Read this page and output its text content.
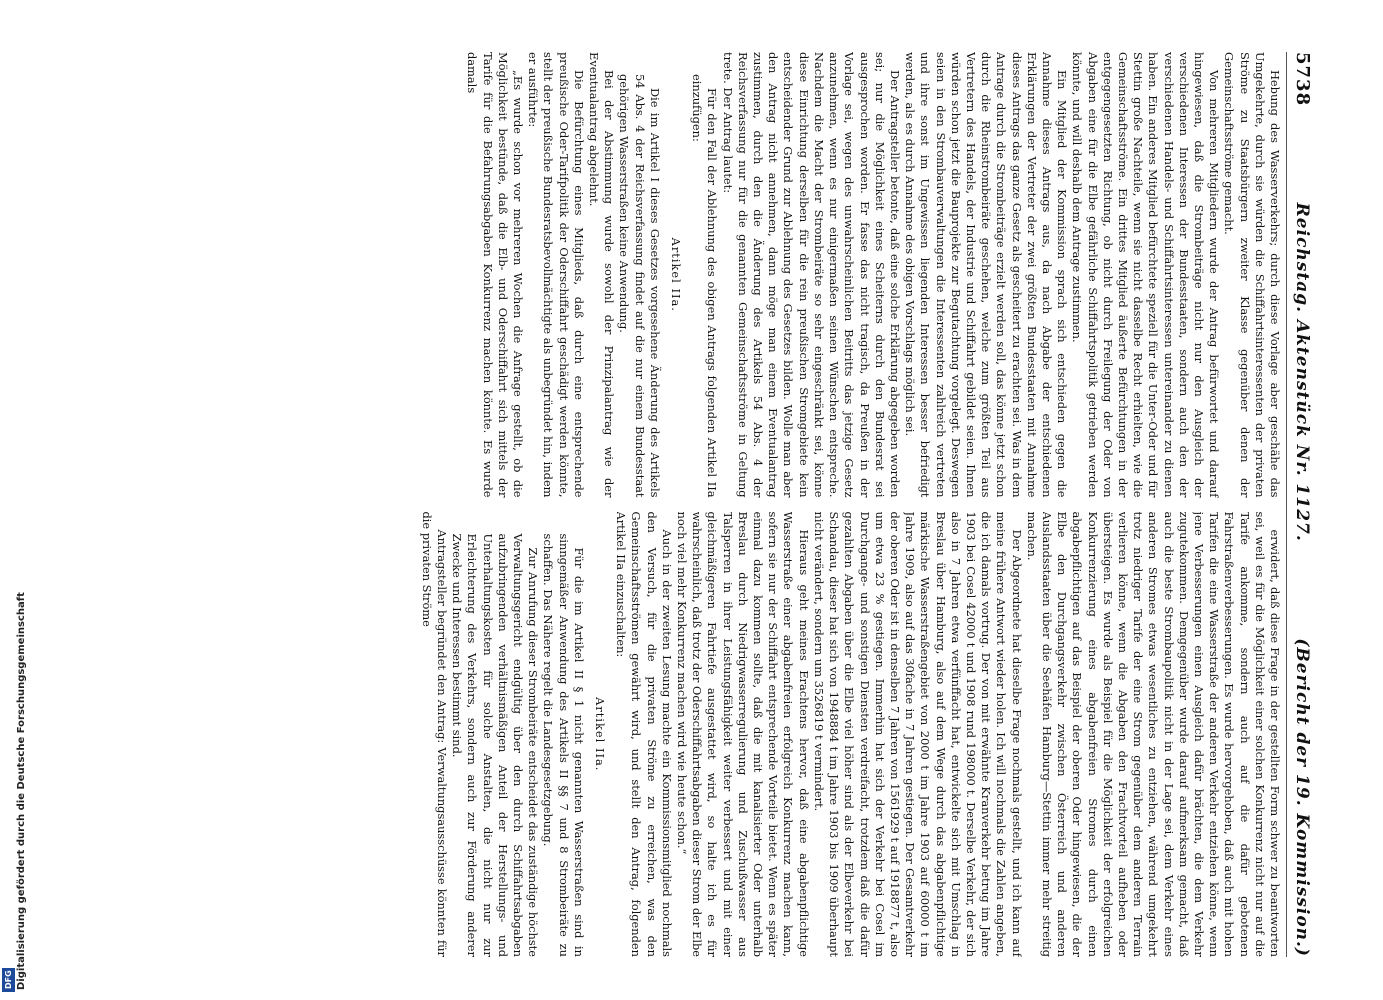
Digitalisierung gefördert durch die Deutsche Forschungsgemeinschaft
DFG
5738
Reichstag. Aktenstück Nr. 1127.
(Bericht der 19. Kommission.)

Hebung des Wasserverkehrs; durch diese Vorlage aber geschähe das Umgekehrte, durch sie würden die Schiffahrtsinteressenten der privaten Ströme zu Staatsbürgern zweiter Klasse gegenüber denen der Gemeinschaftsströme gemacht.

Von mehreren Mitgliedern wurde der Antrag befürwortet und darauf hingewiesen, daß die Strombeiträge nicht nur den Ausgleich der verschiedenen Interessen der Bundesstaaten, sondern auch den der verschiedenen Handels- und Schiffahrtsinteressen untereinander zu dienen haben. Ein anderes Mitglied befürchtete speziell für die Unter-Oder und für Stettin große Nachteile, wenn sie nicht dasselbe Recht erhielten, wie die Gemeinschaftsströme. Ein drittes Mitglied äußerte Befürchtungen in der entgegengesetzten Richtung, ob nicht durch Freilegung der Oder von Abgaben eine für die Elbe gefährliche Schiffahrtspolitik getrieben werden könnte, und will deshalb dem Antrage zustimmen.

Ein Mitglied der Kommission sprach sich entschieden gegen die Annahme dieses Antrags aus, da nach Abgabe der entschiedenen Erklärungen der Vertreter der zwei größten Bundesstaaten mit Annahme dieses Antrags das ganze Gesetz als gescheitert zu erachten sei. Was in dem Antrage durch die Strombeiträge erzielt werden soll, das könne jetzt schon durch die Rheinstrombeiräte geschehen, welche zum größten Teil aus Vertretern des Handels, der Industrie und Schiffahrt gebildet seien. Ihnen würden schon jetzt die Bauprojekte zur Begutachtung vorgelegt. Deswegen seien in den Strombauverwaltungen die Interessenten zahlreich vertreten und ihre sonst im Ungewissen liegenden Interessen besser befriedigt werden, als es durch Annahme des obigen Vorschlags möglich sei.

Der Antragsteller betonte, daß eine solche Erklärung abgegeben worden sei; nur die Möglichkeit eines Scheiterns durch den Bundesrat sei ausgesprochen worden. Er fasse das nicht tragisch, da Preußen in der Vorlage sei, wegen des unwahrscheinlichen Beitritts das jetzige Gesetz anzunehmen, wenn es nur einigermaßen seinen Wünschen entspreche. Nachdem die Macht der Strombeiräte so sehr eingeschränkt sei, könne diese Einrichtung derselben für die rein preußischen Stromgebiete kein entscheidender Grund zur Ablehnung des Gesetzes bilden. Wolle man aber den Antrag nicht annehmen, dann möge man einem Eventualantrag zustimmen, durch den die Änderung des Artikels 54 Abs. 4 der Reichsverfassung nur für die genannten Gemeinschaftsströme in Geltung trete. Der Antrag lautet:

Für den Fall der Ablehnung des obigen Antrags folgenden Artikel IIa einzufügen:

Artikel IIa.

Die im Artikel I dieses Gesetzes vorgesehene Änderung des Artikels 54 Abs. 4 der Reichsverfassung findet auf die nur einem Bundesstaat gehörigen Wasserstraßen keine Anwendung.

Bei der Abstimmung wurde sowohl der Prinzipalantrag wie der Eventualantrag abgelehnt.

Die Befürchtung eines Mitglieds, daß durch eine entsprechende preußische Oder-Tarifpolitik der Oderschiffahrt geschädigt werden könnte, stellt der preußische Bundesratsbevollmächtigte als unbegründet hin, indem er ausführte:

„Es wurde schon vor mehreren Wochen die Anfrage gestellt, ob die Möglichkeit bestünde, daß die Elb- und Oderschiffahrt sich mittels der Tarife für die Befahrungsabgaben Konkurrenz machen könnte. Es wurde damals

erwidert, daß diese Frage in der gestellten Form schwer zu beantworten sei, weil es für die Möglichkeit einer solchen Konkurrenz nicht nur auf die Tarife ankomme, sondern auch auf die dafür gebotenen Fahrstraßenverbesserungen. Es wurde hervorgehoben, daß auch mit hohen Tarifen die eine Wasserstraße der anderen Verkehr entziehen könne, wenn jene Verbesserungen einen Ausgleich dafür brächten, die dem Verkehr zugutekommen. Demgegenüber wurde darauf aufmerksam gemacht, daß auch die beste Strombaupolitik nicht in der Lage sei, dem Verkehr eines anderen Stromes etwas wesentliches zu entziehen, während umgekehrt trotz niedriger Tarife der eine Strom gegenüber dem anderen Terrain verlieren könne, wenn die Abgaben den Frachtvorteil aufheben oder übersteigen. Es wurde als Beispiel für die Möglichkeit der erfolgreichen Konkurrenzierung eines abgabenfreien Stromes durch einen abgabepflichtigen auf das Beispiel der oberen Oder hingewiesen, die der Elbe den Durchgangsverkehr zwischen Österreich und anderen Auslandsstaaten über die Seehäfen Hamburg—Stettin immer mehr streitig machen.

Der Abgeordnete hat dieselbe Frage nochmals gestellt, und ich kann auf meine frühere Antwort wieder holen. Ich will nochmals die Zahlen angeben, die ich damals vortrug. Der von mit erwähnte Kranverkehr betrug im Jahre 1903 bei Cosel 42000 t und 1908 rund 198000 t. Derselbe Verkehr, der sich also in 7 Jahren etwa verfünffacht hat, entwickelte sich mit Umschlag in Breslau über Hamburg, also auf dem Wege durch das abgabenpflichtige märkische Wasserstraßengebiet von 2000 t im Jahre 1903 auf 60000 t im Jahre 1909, also auf das 30fache in 7 Jahren gestiegen. Der Gesamtverkehr der oberen Oder ist in denselben 7 Jahren von 1561929 t auf 1918877 t, also um etwa 23 % gestiegen. Immerhin hat sich der Verkehr bei Cosel im Durchgange- und sonstigen Diensten verdreifacht, trotzdem daß die dafür gezahlten Abgaben über die Elbe viel höher sind als der Elbeverkehr bei Schandau, dieser hat sich von 1948884 t im Jahre 1903 bis 1909 überhaupt nicht verändert, sondern um 3526819 t vermindert.

Hieraus geht meines Erachtens hervor, daß eine abgabenpflichtige Wasserstraße einer abgabenfreien erfolgreich Konkurrenz machen kann, sofern sie nur der Schiffahrt entsprechende Vorteile bietet. Wenn es später einmal dazu kommen sollte, daß die mit kanalisierter Oder unterhalb Breslau durch Niedrigwasserregulierung und Zuschußwasser aus Talsperren in ihrer Leistungsfähigkeit weiter verbessert und mit einer gleichmäßigeren Fahrtiefe ausgestattet wird, so halte ich es für wahrscheinlich, daß trotz der Oderschiffahrtsabgaben dieser Strom der Elbe noch viel mehr Konkurrenz machen wird wie heute schon.“

Auch in der zweiten Lesung machte ein Kommissionsmitglied nochmals den Versuch, für die privaten Ströme zu erreichen, was den Gemeinschaftsströmen gewährt wird, und stellt den Antrag, folgenden Artikel IIa einzuschalten:

Artikel IIa.

Für die im Artikel II § 1 nicht genannten Wasserstraßen sind in sinngemäßer Anwendung des Artikels II §§ 7 und 8 Strombeiräte zu schaffen. Das Nähere regelt die Landesgesetzgebung.

Zur Anrufung dieser Strombeiräte entscheidet das zuständige höchste Verwaltungsgericht endgültig über den durch Schiffahrtsabgaben aufzubringenden verhältnismäßigen Anteil der Herstellungs- und Unterhaltungskosten für solche Anstalten, die nicht nur zur Erleichterung des Verkehrs, sondern auch zur Förderung anderer Zwecke und Interessen bestimmt sind.

Antragsteller begründet den Antrag: Verwaltungsausschüsse könnten für die privaten Ströme
